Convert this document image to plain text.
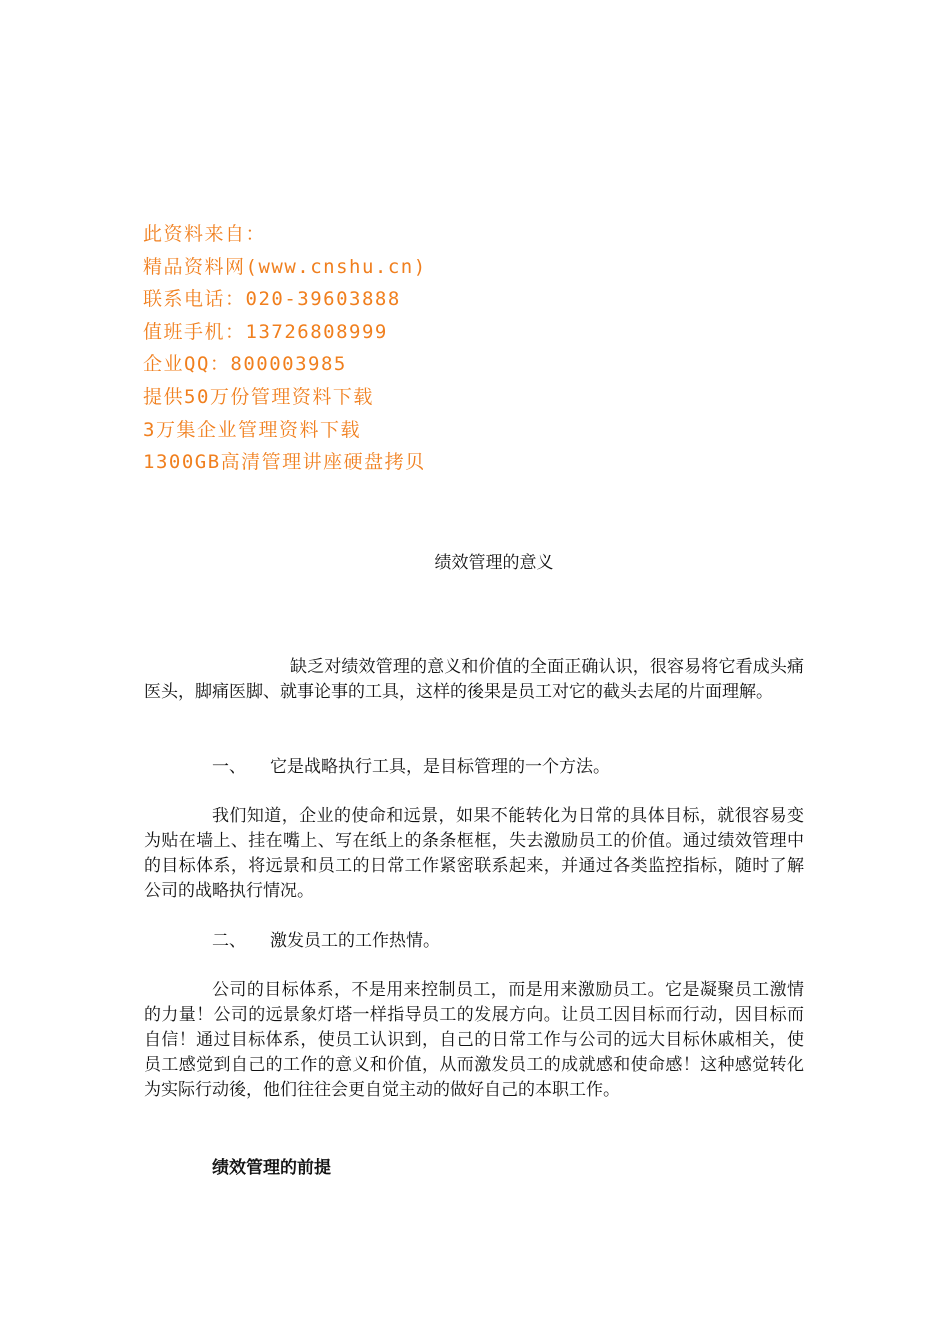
此资料来自：
精品资料网(www.cnshu.cn)
联系电话：020-39603888
值班手机：13726808999
企业QQ：800003985
提供50万份管理资料下载
3万集企业管理资料下载
1300GB高清管理讲座硬盘拷贝
绩效管理的意义
缺乏对绩效管理的意义和价值的全面正确认识，很容易将它看成头痛医头，脚痛医脚、就事论事的工具，这样的後果是员工对它的截头去尾的片面理解。
一、 它是战略执行工具，是目标管理的一个方法。
我们知道，企业的使命和远景，如果不能转化为日常的具体目标，就很容易变为贴在墙上、挂在嘴上、写在纸上的条条框框，失去激励员工的价值。通过绩效管理中的目标体系，将远景和员工的日常工作紧密联系起来，并通过各类监控指标，随时了解公司的战略执行情况。
二、 激发员工的工作热情。
公司的目标体系，不是用来控制员工，而是用来激励员工。它是凝聚员工激情的力量！公司的远景象灯塔一样指导员工的发展方向。让员工因目标而行动，因目标而自信！通过目标体系，使员工认识到，自己的日常工作与公司的远大目标休戚相关，使员工感觉到自己的工作的意义和价值，从而激发员工的成就感和使命感！这种感觉转化为实际行动後，他们往往会更自觉主动的做好自己的本职工作。
绩效管理的前提
